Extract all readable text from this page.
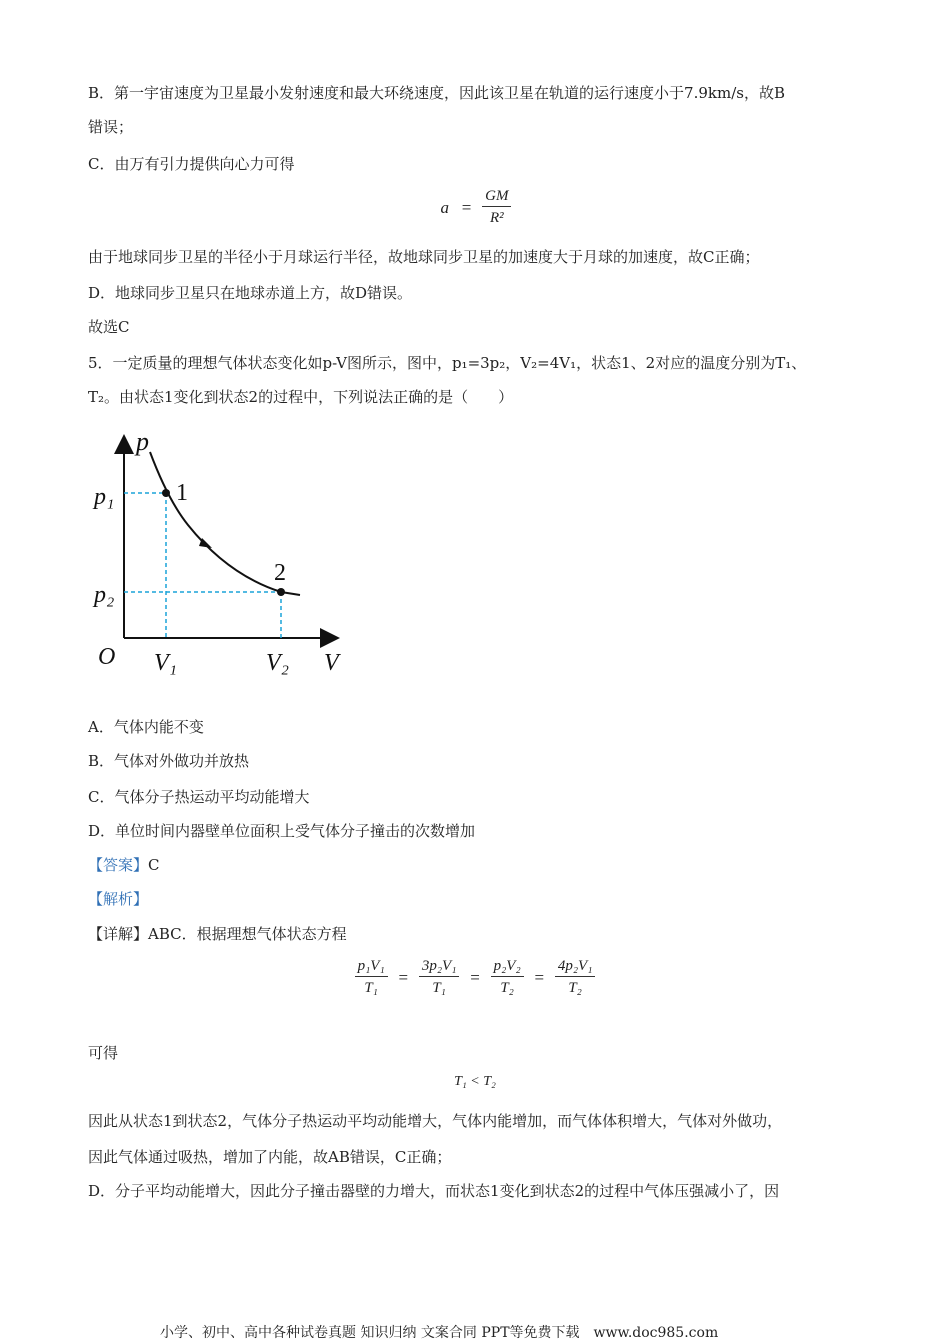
B．第一宇宙速度为卫星最小发射速度和最大环绕速度，因此该卫星在轨道的运行速度小于7.9km/s，故B
错误；
C．由万有引力提供向心力可得
$a = \frac{GM}{\text{R²}}$
由于地球同步卫星的半径小于月球运行半径，故地球同步卫星的加速度大于月球的加速度，故C正确；
D．地球同步卫星只在地球赤道上方，故D错误。
故选C
5．一定质量的理想气体状态变化如p-V图所示，图中，p₁=3p₂，V₂=4V₁，状态1、2对应的温度分别为T₁、
T₂。由状态1变化到状态2的过程中，下列说法正确的是（　　）
p
V
O
p₁
p₂
V₁	V₂
1
2
A．气体内能不变
B．气体对外做功并放热
C．气体分子热运动平均动能增大
D．单位时间内器壁单位面积上受气体分子撞击的次数增加
【答案】C
【解析】
【详解】ABC．根据理想气体状态方程
$\frac{\text{p₁V₁}}{\text{T₁}} = \frac{\text{3p₂V₁}}{\text{T₁}} = \frac{\text{p₂V₂}}{\text{T₂}} = \frac{\text{4p₂V₁}}{\text{T₂}}$
可得
T₁ < T₂
因此从状态1到状态2，气体分子热运动平均动能增大，气体内能增加，而气体体积增大，气体对外做功，
因此气体通过吸热，增加了内能，故AB错误，C正确；
D．分子平均动能增大，因此分子撞击器壁的力增大，而状态1变化到状态2的过程中气体压强减小了，因
小学、初中、高中各种试卷真题 知识归纳 文案合同 PPT等免费下载　www.doc985.com
